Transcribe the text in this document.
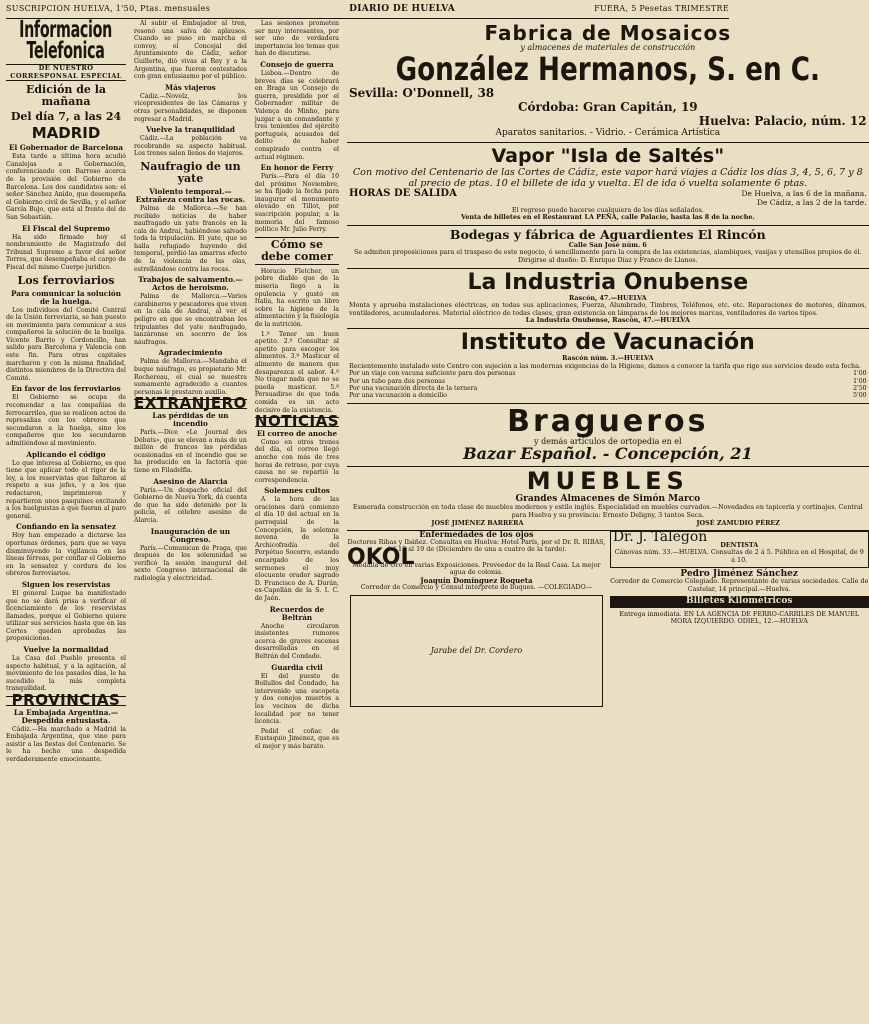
SUSCRIPCION HUELVA, 1'50, Ptas. mensuales	DIARIO DE HUELVA	FUERA, 5 Pesetas TRIMESTRE
Informacion Telefonica
DE NUESTRO CORRESPONSAL ESPECIAL
Edición de la mañana
Del día 7, a las 24
MADRID
El Gobernador de Barcelona

Esta tarde a última hora acudió Canalejas a Gobernación, conferenciando con Barroso acerca de la provisión del Gobierno de Barcelona. Los dos candidatos son: el señor Sánchez Anido, que desempeña el Gobierno civil de Sevilla, y el señor García Bujo, que está al frente del de San Sebastián.

El Fiscal del Supremo

Ha sido firmado hoy el nombramiento de Magistrado del Tribunal Supremo a favor del señor Torres, que desempeñaba el cargo de Fiscal del mismo Cuerpo jurídico.

Los ferroviarios
Para comunicar la solución de la huelga.

Los individuos del Comité Central de la Unión ferroviaria, se han puesto en movimiento para comunicar a sus compañeros la solución de la huelga. Vicente Barrio y Cordoncillo, han salido para Barcelona y Valencia con este fin. Para otras capitales marcharon y con la misma finalidad, distintos miembros de la Directiva del Comité.

En favor de los ferroviarios

El Gobierno se ocupa de recomendar a las compañías de ferrocarriles, que se realicen actos de represalias con los obreros que secundaron a la huelga, sino los compañeros que los secundaron admitiéndose al movimiento.

Aplicando el código

Lo que interesa al Gobierno, es que tiene que aplicar todo el rigor de la ley, a los reservistas que faltaron al respeto a sus jefes, y a los que redactaron, imprimieron y repartieron unos pasquines excitando a los huelguistas a que fueran al paro general.

Confiando en la sensatez

Hoy han empezado a dictarse las oportunas órdenes, para que se vaya disminuyendo la vigilancia en las líneas férreas, por confiar el Gobierno en la sensatez y cordura de los obreros ferroviarios.

Siguen los reservistas

El general Luque ha manifestado que no se dará prisa a verificar el licenciamiento de los reservistas llamados, porque el Gobierno quiere utilizar sus servicios hasta que en las Cortes queden aprobadas las proposiciones.

Vuelve la normalidad

La Casa del Pueblo presenta el aspecto habitual, y a la agitación, al movimiento de los pasados días, le ha sucedido la más completa tranquilidad.

PROVINCIAS
La Embajada Argentina.—Despedida entusiasta.

Cádiz.—Ha marchado a Madrid la Embajada Argentina, que vino para asistir a las fiestas del Centenario. Se le ha hecho una despedida verdaderamente emocionante.

Al subir el Embajador al tren, resonó una salva de aplausos. Cuando se puso en marcha el convoy, el Concejal del Ayuntamiento de Cádiz, señor Guillerte, dió vivas al Rey y a la Argentina, que fueron contestados con gran entusiasmo por el público.

Más viajeros

Cádiz.—Novelz, los vicepresidentes de las Cámaras y otras personalidades, se disponen regresar a Madrid.

Vuelve la tranquilidad

Cádiz.—La población va recobrando su aspecto habitual. Los trenes salen llenos de viajeros.

Naufragio de un yate
Violento temporal.—Extrañeza contra las rocas.

Palma de Mallorca.—Se han recibido noticias de haber naufragado un yate francés en la cala de Andraí, habiéndose salvado toda la tripulación. El yate, que se halla refugiado huyendo del temporal, perdió las amarras efecto de la violencia de las olas, estrellándose contra las rocas.

Trabajos de salvamento.—Actos de heroismo.

Palma de Mallorca.—Varios carabineros y pescadores que viven en la cala de Andraí, al ver el peligro en que se encontraban los tripulantes del yate naufragado, lanzáronse en socorro de los náufragos.

Agradecimiento

Palma de Mallorca.—Mandaba el buque náufrago, su propietario Mr. Rochereau, el cual se muestra sumamente agradecido a cuantos personas le prestaron auxilio.

EXTRANJERO
Las pérdidas de un incendio

París.—Dice «Le Journal des Débats», que se elevan a más de un millón de francos las pérdidas ocasionadas en el incendio que se ha producido en la factoría que tiene en Filadelfia.

Asesino de Alarcia

París.—Un despacho oficial del Gobierno de Nueva York, dá cuenta de que ha sido detenido por la policía, el célebre asesino de Alarcia.

Inauguración de un Congreso.

París.—Comunican de Praga, que después de los solemnidad se verificó la sesión inaugural del sexto Congreso internacional de radiología y electricidad.

Las sesiones prometen ser muy interesantes, por ser uno de verdadera importancia los temas que han de discutirse.

Consejo de guerra

Lisboa.—Dentro de breves días se celebrará en Braga un Consejo de guerra, presidido por el Gobernador militar de Valença do Minho, para juzgar a un comandante y tres tenientes del ejército portugués, acusados del delito de haber conspirado contra el actual régimen.

En honor de Ferry

París.—Para el día 10 del próximo Noviembre, se ha fijado la fecha para inaugurar el monumento elevado en Tillot, por suscripción popular, a la memoria del famoso político Mr. Julio Ferry.

Cómo se debe comer

Horacio Fletcher, un pobre diablo que de la miseria llegó a la opulencia y gustó en Italia, ha escrito un libro sobre la higiene de la alimentación y la fisiología de la nutrición.

1.º Tener un buen apetito. 2.º Consultar al apetito para escoger los alimentos. 3.º Masticar el alimento de manera que desaparezca el sabor. 4.º No tragar nada que no se pueda masticar. 5.º Persuadirse de que toda comida es un acto decisivo de la existencia.

NOTICIAS
El correo de anoche

Como en otros trenes del día, el correo llegó anoche con más de tres horas de retraso, por cuya causa no se repartió la correspondencia.

Solemnes cultos

A la hora de las oraciones dará comienzo el día 10 del actual en la parroquial de la Concepción, la solemne novena de la Archicofradía del Perpétuo Socorro, estando encargado de los sermones el muy elocuente orador sagrado D. Francisco de A. Durán, ex-Capellán de la S. I. C. de Jaén.

Recuerdos de Beltrán

Anoche circularon insistentes rumores acerca de graves escenas desarrolladas en el Beltrán del Condado.

Guardia civil

El del puesto de Bollullos del Condado, ha intervenido una escopeta y dos conejos muertos a los vecinos de dicha localidad por no tener licencia.

Pedid el coñac de Eustaquio Jiménez, que es el mejor y más barato.

Fabrica de Mosaicos
y almacenes de materiales de construcción
González Hermanos, S. en C.
Sevilla: O'Donnell, 38
Córdoba: Gran Capitán, 19
Huelva: Palacio, núm. 12
Aparatos sanitarios. - Vidrio. - Cerámica Artística
Vapor "Isla de Saltés"
Con motivo del Centenario de las Cortes de Cádiz, este vapor hará viajes a Cádiz los días 3, 4, 5, 6, 7 y 8 al precio de ptas. 10 el billete de ida y vuelta. El de ida ó vuelta solamente 6 ptas.
HORAS DE SALIDA	De Huelva, a las 6 de la mañana.
De Cádiz, a las 2 de la tarde.
El regreso puede hacerse cualquiera de los días señalados.
Venta de billetes en el Restaurant LA PEÑA, calle Palacio, hasta las 8 de la noche.
Bodegas y fábrica de Aguardientes El Rincón
Calle San José núm. 6
Se admiten proposiciones para el traspaso de este negocio, ó sencillamente para la compra de las existencias, alambiques, vasijas y utensilios propios de él. Dirigirse al dueño: D. Enrique Díaz y Franco de Llanos.
La Industria Onubense
Rascón, 47.—HUELVA
Monta y aprueba instalaciones eléctricas, en todas sus aplicaciones, Fuerza, Alumbrado, Timbres, Teléfonos, etc. etc. Reparaciones de motores, dínamos, ventiladores, acumuladores. Material eléctrico de todas clases, gran existencia en lámparas de los mejores marcas, ventiladores de varios tipos.
La Industria Onubense, Rascón, 47.—HUELVA
Instituto de Vacunación
Rascón núm. 3.—HUELVA
Recientemente instalado este Centro con sujeción a las modernas exigencias de la Higiene, damos a conocer la tarifa que rige sus servicios desde esta fecha.
Por un viaje con vacuna suficiente para dos personas	1'00
Por un tubo para dos personas	1'00
Por una vacunación directa de la ternera	2'50
Por una vacunación a domicilio	5'00
Bragueros
y demás artículos de ortopedia en el
Bazar Español. - Concepción, 21
MUEBLES
Grandes Almacenes de Simón Marco
Esmerada construcción en toda clase de muebles modernos y estilo inglés. Especialidad en muebles curvados.—Novedades en tapicería y cortinajes. Central para Huelva y su provincia: Ernesto Deligny, 3 tantos Seca.
JOSÉ JIMÉNEZ BARRERA	JOSÉ ZAMUDIO PÉREZ
Enfermedades de los ojos
Doctores Ribas y Ibáñez. Consultas en Huelva: Hotel París, por el Dr. R. RIBAS, del 13 al 19 de (Diciembre de una a cuatro de la tarde).
OKOL
Medalla de Oro en varias Exposiciones. Proveedor de la Real Casa. La mejor agua de colonia.
Joaquín Domínguez Roqueta
Corredor de Comercio y Cónsul intérprete de buques. —COLEGIADO—
Jarabe del Dr. Cordero
Dr. J. Talegon	DENTISTA
Cánovas núm. 33.—HUELVA. Consultas de 2 á 5. Pública en el Hospital, de 9 á 10.
Pedro Jiménez Sánchez
Corredor de Comercio Colegiado. Representante de varias sociedades. Calle de Castelar, 14 principal.—Huelva.
Billetes Kilométricos
Entrega inmediata. EN LA AGENCIA DE FERRO-CARRILES DE MANUEL MORA IZQUIERDO. ODIEL, 12.—HUELVA
